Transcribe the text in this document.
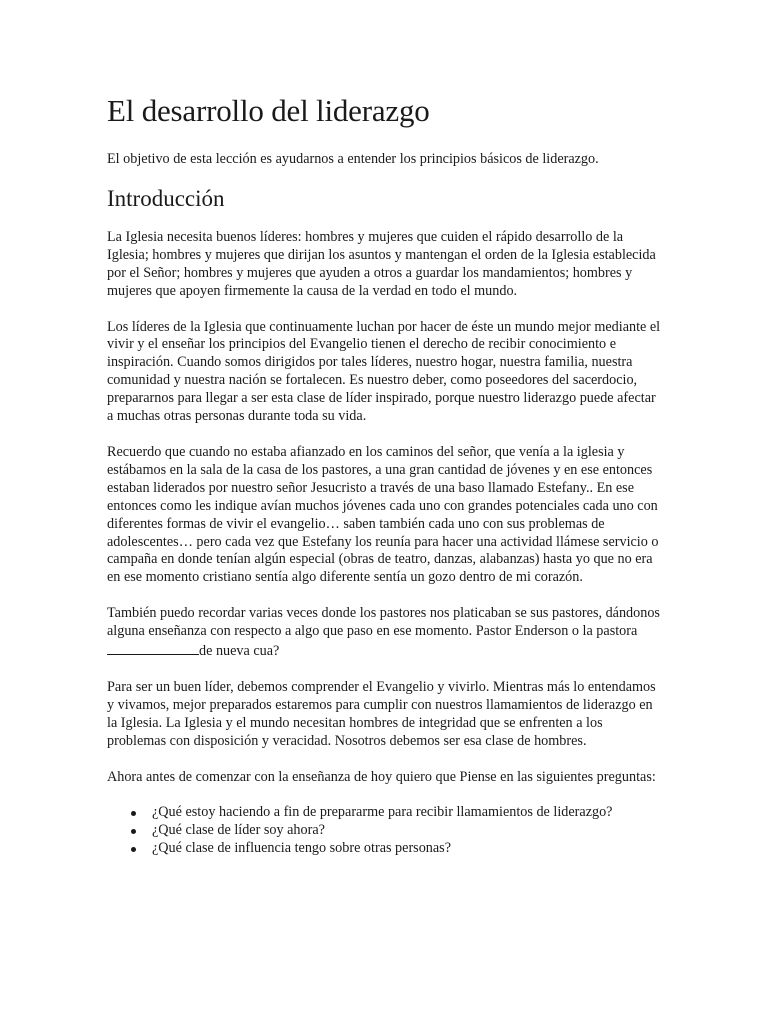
El desarrollo del liderazgo

El objetivo de esta lección es ayudarnos a entender los principios básicos de liderazgo.

Introducción

La Iglesia necesita buenos líderes: hombres y mujeres que cuiden el rápido desarrollo de la Iglesia; hombres y mujeres que dirijan los asuntos y mantengan el orden de la Iglesia establecida por el Señor; hombres y mujeres que ayuden a otros a guardar los mandamientos; hombres y mujeres que apoyen firmemente la causa de la verdad en todo el mundo.

Los líderes de la Iglesia que continuamente luchan por hacer de éste un mundo mejor mediante el vivir y el enseñar los principios del Evangelio tienen el derecho de recibir conocimiento e inspiración. Cuando somos dirigidos por tales líderes, nuestro hogar, nuestra familia, nuestra comunidad y nuestra nación se fortalecen. Es nuestro deber, como poseedores del sacerdocio, prepararnos para llegar a ser esta clase de líder inspirado, porque nuestro liderazgo puede afectar a muchas otras personas durante toda su vida.

Recuerdo que cuando no estaba afianzado en los caminos del señor, que venía a la iglesia y estábamos en la sala de la casa de los pastores, a una gran cantidad de jóvenes y en ese entonces estaban liderados por nuestro señor Jesucristo a través de una baso llamado Estefany.. En ese entonces como les indique avían muchos jóvenes cada uno con grandes potenciales cada uno con diferentes formas de vivir el evangelio… saben también cada uno con sus problemas de adolescentes… pero cada vez que Estefany los reunía para hacer una actividad llámese servicio o campaña en donde tenían algún especial (obras de teatro, danzas, alabanzas) hasta yo que no era en ese momento cristiano sentía algo diferente sentía un gozo dentro de mi corazón.

También puedo recordar varias veces donde los pastores nos platicaban se sus pastores, dándonos alguna enseñanza con respecto a algo que paso en ese momento. Pastor Enderson o la pastora de nueva cua?

Para ser un buen líder, debemos comprender el Evangelio y vivirlo. Mientras más lo entendamos y vivamos, mejor preparados estaremos para cumplir con nuestros llamamientos de liderazgo en la Iglesia. La Iglesia y el mundo necesitan hombres de integridad que se enfrenten a los problemas con disposición y veracidad. Nosotros debemos ser esa clase de hombres.

Ahora antes de comenzar con la enseñanza de hoy quiero que Piense en las siguientes preguntas:

¿Qué estoy haciendo a fin de prepararme para recibir llamamientos de liderazgo?
¿Qué clase de líder soy ahora?
¿Qué clase de influencia tengo sobre otras personas?
